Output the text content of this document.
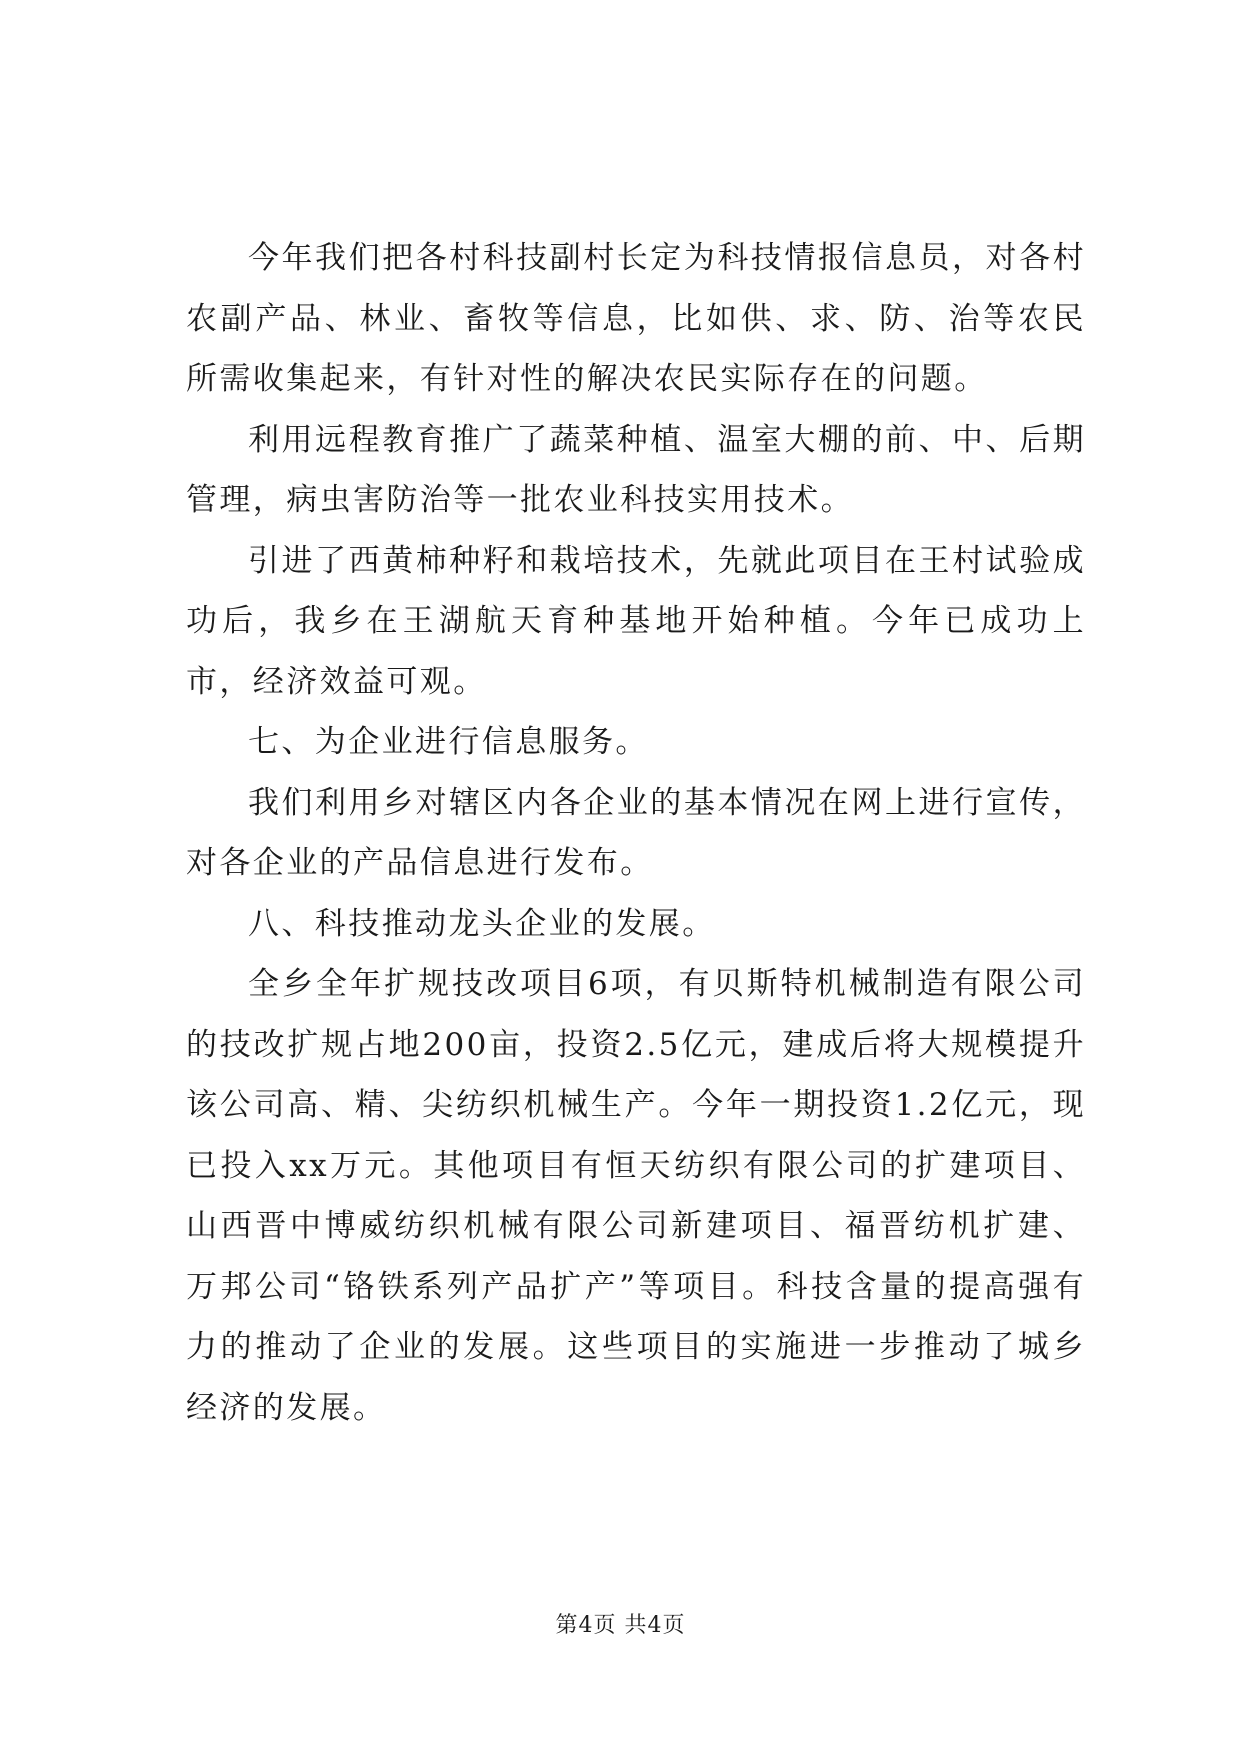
今年我们把各村科技副村长定为科技情报信息员，对各村农副产品、林业、畜牧等信息，比如供、求、防、治等农民所需收集起来，有针对性的解决农民实际存在的问题。

利用远程教育推广了蔬菜种植、温室大棚的前、中、后期管理，病虫害防治等一批农业科技实用技术。

引进了西黄柿种籽和栽培技术，先就此项目在王村试验成功后，我乡在王湖航天育种基地开始种植。今年已成功上市，经济效益可观。

七、为企业进行信息服务。

我们利用乡对辖区内各企业的基本情况在网上进行宣传，对各企业的产品信息进行发布。

八、科技推动龙头企业的发展。

全乡全年扩规技改项目6项，有贝斯特机械制造有限公司的技改扩规占地200亩，投资2.5亿元，建成后将大规模提升该公司高、精、尖纺织机械生产。今年一期投资1.2亿元，现已投入xx万元。其他项目有恒天纺织有限公司的扩建项目、山西晋中博威纺织机械有限公司新建项目、福晋纺机扩建、万邦公司“铬铁系列产品扩产”等项目。科技含量的提高强有力的推动了企业的发展。这些项目的实施进一步推动了城乡经济的发展。

第4页 共4页
